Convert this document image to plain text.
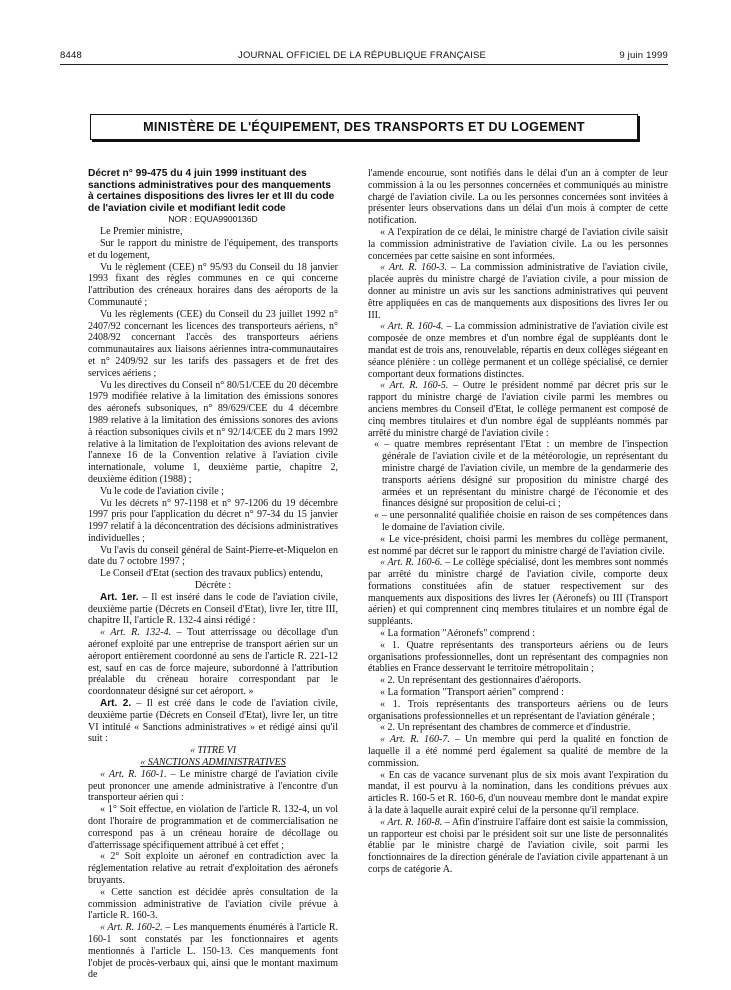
8448	JOURNAL OFFICIEL DE LA RÉPUBLIQUE FRANÇAISE	9 juin 1999
MINISTÈRE DE L'ÉQUIPEMENT, DES TRANSPORTS ET DU LOGEMENT

Décret n° 99-475 du 4 juin 1999 instituant des sanctions administratives pour des manquements à certaines dispositions des livres Ier et III du code de l'aviation civile et modifiant ledit code

NOR : EQUA9900136D

Le Premier ministre,

Sur le rapport du ministre de l'équipement, des transports et du logement,

Vu le règlement (CEE) n° 95/93 du Conseil du 18 janvier 1993 fixant des règles communes en ce qui concerne l'attribution des créneaux horaires dans des aéroports de la Communauté ;

Vu les règlements (CEE) du Conseil du 23 juillet 1992 n° 2407/92 concernant les licences des transporteurs aériens, n° 2408/92 concernant l'accès des transporteurs aériens communautaires aux liaisons aériennes intra-communautaires et n° 2409/92 sur les tarifs des passagers et de fret des services aériens ;

Vu les directives du Conseil n° 80/51/CEE du 20 décembre 1979 modifiée relative à la limitation des émissions sonores des aéronefs subsoniques, n° 89/629/CEE du 4 décembre 1989 relative à la limitation des émissions sonores des avions à réaction subsoniques civils et n° 92/14/CEE du 2 mars 1992 relative à la limitation de l'exploitation des avions relevant de l'annexe 16 de la Convention relative à l'aviation civile internationale, volume 1, deuxième partie, chapitre 2, deuxième édition (1988) ;

Vu le code de l'aviation civile ;

Vu les décrets n° 97-1198 et n° 97-1206 du 19 décembre 1997 pris pour l'application du décret n° 97-34 du 15 janvier 1997 relatif à la déconcentration des décisions administratives individuelles ;

Vu l'avis du conseil général de Saint-Pierre-et-Miquelon en date du 7 octobre 1997 ;

Le Conseil d'Etat (section des travaux publics) entendu,

Décrète :

Art. 1er. – Il est inséré dans le code de l'aviation civile, deuxième partie (Décrets en Conseil d'Etat), livre Ier, titre III, chapitre II, l'article R. 132-4 ainsi rédigé :

« Art. R. 132-4. – Tout atterrissage ou décollage d'un aéronef exploité par une entreprise de transport aérien sur un aéroport entièrement coordonné au sens de l'article R. 221-12 est, sauf en cas de force majeure, subordonné à l'attribution préalable du créneau horaire correspondant par le coordonnateur désigné sur cet aéroport. »

Art. 2. – Il est créé dans le code de l'aviation civile, deuxième partie (Décrets en Conseil d'Etat), livre Ier, un titre VI intitulé « Sanctions administratives » et rédigé ainsi qu'il suit :

« TITRE VI

« SANCTIONS ADMINISTRATIVES

« Art. R. 160-1. – Le ministre chargé de l'aviation civile peut prononcer une amende administrative à l'encontre d'un transporteur aérien qui :

« 1° Soit effectue, en violation de l'article R. 132-4, un vol dont l'horaire de programmation et de commercialisation ne correspond pas à un créneau horaire de décollage ou d'atterrissage spécifiquement attribué à cet effet ;

« 2° Soit exploite un aéronef en contradiction avec la réglementation relative au retrait d'exploitation des aéronefs bruyants.

« Cette sanction est décidée après consultation de la commission administrative de l'aviation civile prévue à l'article R. 160-3.

« Art. R. 160-2. – Les manquements énumérés à l'article R. 160-1 sont constatés par les fonctionnaires et agents mentionnés à l'article L. 150-13. Ces manquements font l'objet de procès-verbaux qui, ainsi que le montant maximum de

l'amende encourue, sont notifiés dans le délai d'un an à compter de leur commission à la ou les personnes concernées et communiqués au ministre chargé de l'aviation civile. La ou les personnes concernées sont invitées à présenter leurs observations dans un délai d'un mois à compter de cette notification.

« A l'expiration de ce délai, le ministre chargé de l'aviation civile saisit la commission administrative de l'aviation civile. La ou les personnes concernées par cette saisine en sont informées.

« Art. R. 160-3. – La commission administrative de l'aviation civile, placée auprès du ministre chargé de l'aviation civile, a pour mission de donner au ministre un avis sur les sanctions administratives qui peuvent être appliquées en cas de manquements aux dispositions des livres Ier ou III.

« Art. R. 160-4. – La commission administrative de l'aviation civile est composée de onze membres et d'un nombre égal de suppléants dont le mandat est de trois ans, renouvelable, répartis en deux collèges siégeant en séance plénière : un collège permanent et un collège spécialisé, ce dernier comportant deux formations distinctes.

« Art. R. 160-5. – Outre le président nommé par décret pris sur le rapport du ministre chargé de l'aviation civile parmi les membres ou anciens membres du Conseil d'Etat, le collège permanent est composé de cinq membres titulaires et d'un nombre égal de suppléants nommés par arrêté du ministre chargé de l'aviation civile :

« – quatre membres représentant l'Etat : un membre de l'inspection générale de l'aviation civile et de la météorologie, un représentant du ministre chargé de l'aviation civile, un membre de la gendarmerie des transports aériens désigné sur proposition du ministre chargé des armées et un représentant du ministre chargé de l'économie et des finances désigné sur proposition de celui-ci ;

« – une personnalité qualifiée choisie en raison de ses compétences dans le domaine de l'aviation civile.

« Le vice-président, choisi parmi les membres du collège permanent, est nommé par décret sur le rapport du ministre chargé de l'aviation civile.

« Art. R. 160-6. – Le collège spécialisé, dont les membres sont nommés par arrêté du ministre chargé de l'aviation civile, comporte deux formations constituées afin de statuer respectivement sur des manquements aux dispositions des livres Ier (Aéronefs) ou III (Transport aérien) et qui comprennent cinq membres titulaires et un nombre égal de suppléants.

« La formation "Aéronefs" comprend :

« 1. Quatre représentants des transporteurs aériens ou de leurs organisations professionnelles, dont un représentant des compagnies non établies en France desservant le territoire métropolitain ;

« 2. Un représentant des gestionnaires d'aéroports.

« La formation "Transport aérien" comprend :

« 1. Trois représentants des transporteurs aériens ou de leurs organisations professionnelles et un représentant de l'aviation générale ;

« 2. Un représentant des chambres de commerce et d'industrie.

« Art. R. 160-7. – Un membre qui perd la qualité en fonction de laquelle il a été nommé perd également sa qualité de membre de la commission.

« En cas de vacance survenant plus de six mois avant l'expiration du mandat, il est pourvu à la nomination, dans les conditions prévues aux articles R. 160-5 et R. 160-6, d'un nouveau membre dont le mandat expire à la date à laquelle aurait expiré celui de la personne qu'il remplace.

« Art. R. 160-8. – Afin d'instruire l'affaire dont est saisie la commission, un rapporteur est choisi par le président soit sur une liste de personnalités établie par le ministre chargé de l'aviation civile, soit parmi les fonctionnaires de la direction générale de l'aviation civile appartenant à un corps de catégorie A.
